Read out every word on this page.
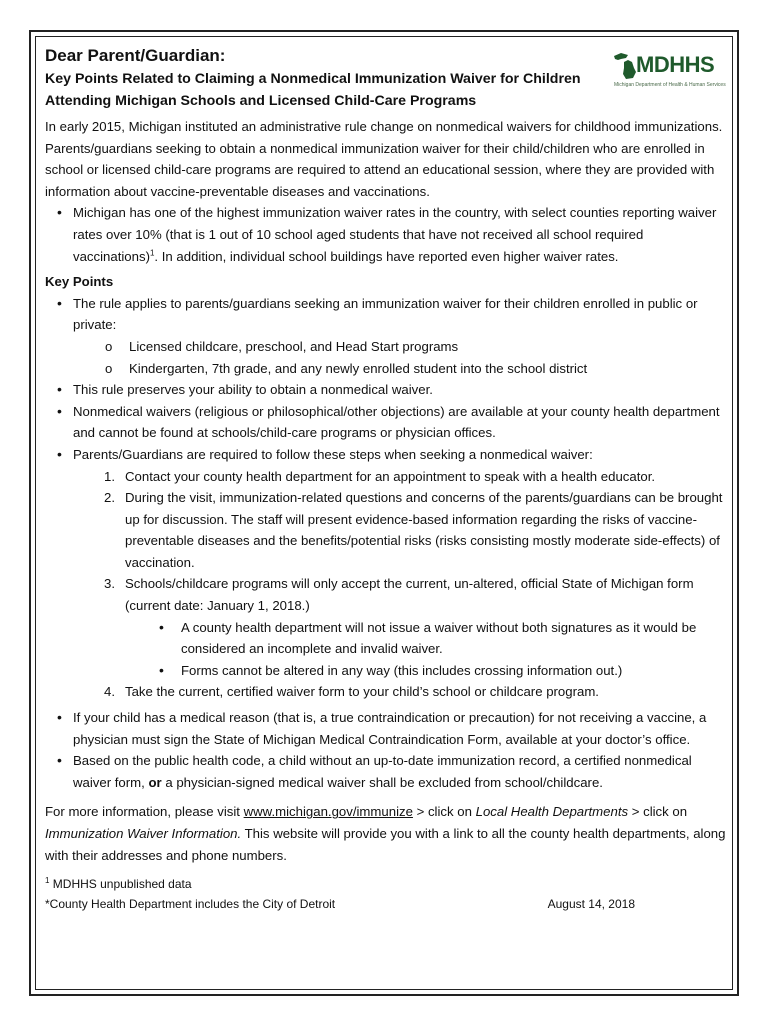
MDHHS
Michigan Department of Health & Human Services
Dear Parent/Guardian:
Key Points Related to Claiming a Nonmedical Immunization Waiver for Children
Attending Michigan Schools and Licensed Child-Care Programs

In early 2015, Michigan instituted an administrative rule change on nonmedical waivers for childhood immunizations. Parents/guardians seeking to obtain a nonmedical immunization waiver for their child/children who are enrolled in school or licensed child-care programs are required to attend an educational session, where they are provided with information about vaccine-preventable diseases and vaccinations.

• Michigan has one of the highest immunization waiver rates in the country, with select counties reporting waiver rates over 10% (that is 1 out of 10 school aged students that have not received all school required vaccinations)$^1$. In addition, individual school buildings have reported even higher waiver rates.

Key Points

• The rule applies to parents/guardians seeking an immunization waiver for their children enrolled in public or private:
o Licensed childcare, preschool, and Head Start programs
o Kindergarten, 7th grade, and any newly enrolled student into the school district
• This rule preserves your ability to obtain a nonmedical waiver.
• Nonmedical waivers (religious or philosophical/other objections) are available at your county health department and cannot be found at schools/child-care programs or physician offices.
• Parents/Guardians are required to follow these steps when seeking a nonmedical waiver:
1. Contact your county health department for an appointment to speak with a health educator.
2. During the visit, immunization-related questions and concerns of the parents/guardians can be brought up for discussion. The staff will present evidence-based information regarding the risks of vaccine-preventable diseases and the benefits/potential risks (risks consisting mostly moderate side-effects) of vaccination.
3. Schools/childcare programs will only accept the current, un-altered, official State of Michigan form (current date: January 1, 2018.)
• A county health department will not issue a waiver without both signatures as it would be considered an incomplete and invalid waiver.
• Forms cannot be altered in any way (this includes crossing information out.)
4. Take the current, certified waiver form to your child’s school or childcare program.
• If your child has a medical reason (that is, a true contraindication or precaution) for not receiving a vaccine, a physician must sign the State of Michigan Medical Contraindication Form, available at your doctor’s office.
• Based on the public health code, a child without an up-to-date immunization record, a certified nonmedical waiver form, or a physician-signed medical waiver shall be excluded from school/childcare.

For more information, please visit www.michigan.gov/immunize > click on Local Health Departments > click on Immunization Waiver Information. This website will provide you with a link to all the county health departments, along with their addresses and phone numbers.

$^1$ MDHHS unpublished data
*County Health Department includes the City of Detroit	August 14, 2018
